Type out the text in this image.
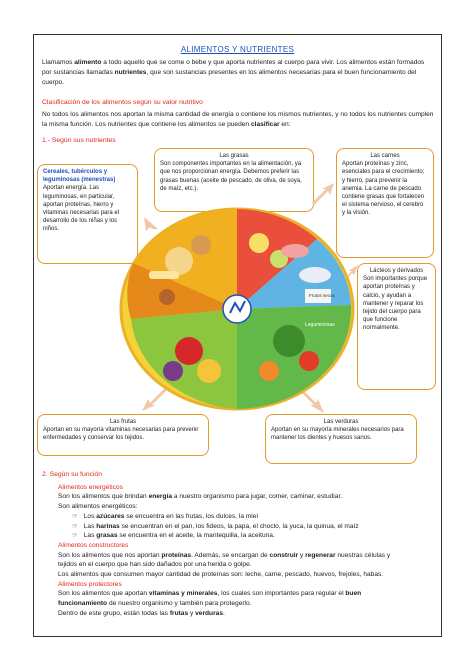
ALIMENTOS Y NUTRIENTES
Llamamos alimento a todo aquello que se come o bebe y que aporta nutrientes al cuerpo para vivir. Los alimentos están formados por sustancias llamadas nutrientes, que son sustancias presentes en los alimentos necesarias para el buen funcionamiento del cuerpo.
Clasificación de los alimentos según su valor nutritivo
No todos los alimentos nos aportan la misma cantidad de energía o contiene los mismos nutrientes, y no todos los nutrientes cumplen la misma función. Los nutrientes que contiene los alimentos se pueden clasificar en:
1.- Según sus nutrientes
Cereales, tubérculos y leguminosas (menestras)
Aportan energía. Las leguminosas, en particular, aportan proteínas, hierro y vitaminas necesarias para el desarrollo de los niñas y los niños.
Las grasas
Son componentes importantes en la alimentación, ya que nos proporcionan energía. Debemos preferir las grasas buenas (aceite de pescado, de oliva, de soya, de maíz, etc.).
Las carnes
Aportan proteínas y zinc, esenciales para el crecimiento; y hierro, para prevenir la anemia. La carne de pescado contiene grasas que fortalecen el sistema nervioso, el cerebro y la visión.
Lácteos y derivados
Son importantes porque aportan proteínas y calcio, y ayudan a mantener y reparar los tejido del cuerpo para que funcione normalmente.
Las frutas
Aportan en su mayoría vitaminas necesarias para prevenir enfermedades y conservar los tejidos.
Las verduras
Aportan en su mayoría minerales necesarios para mantener los dientes y huesos sanos.
Leguminosas
Frutos secos
2. Según su función
Alimentos energéticos
Son los alimentos que brindan energía a nuestro organismo para jugar, comer, caminar, estudiar.
Son alimentos energéticos:
☞ Los azúcares se encuentra en las frutas, los dulces, la miel
☞ Las harinas se encuentran en el pan, los fideos, la papa, el choclo, la yuca, la quinua, el maíz
☞ Las grasas se encuentra en el aceite, la mantequilla, la aceituna.
Alimentos constructores
Son los alimentos que nos aportan proteínas. Además, se encargan de construir y regenerar nuestras células y
tejidos en el cuerpo que han sido dañados por una herida o golpe.
Los alimentos que consumen mayor cantidad de proteínas son: leche, carne, pescado, huevos, frejoles, habas.
Alimentos protectores
Son los alimentos que aportan vitaminas y minerales, los cuales son importantes para regular el buen
funcionamiento de nuestro organismo y también para protegerlo.
Dentro de este grupo, están todas las frutas y verduras.
